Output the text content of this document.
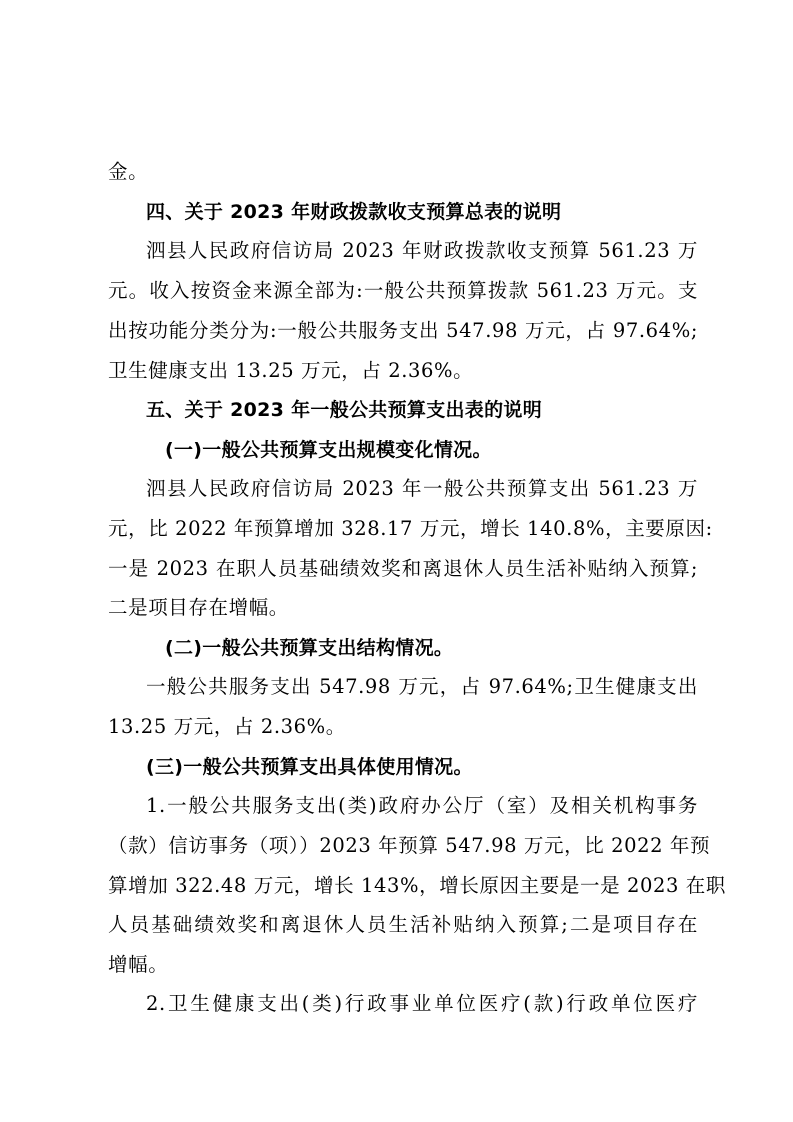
金。
四、关于 2023 年财政拨款收支预算总表的说明
泗县人民政府信访局 2023 年财政拨款收支预算 561.23 万
元。收入按资金来源全部为:一般公共预算拨款 561.23 万元。支
出按功能分类分为:一般公共服务支出 547.98 万元，占 97.64%;
卫生健康支出 13.25 万元，占 2.36%。
五、关于 2023 年一般公共预算支出表的说明
(一)一般公共预算支出规模变化情况。
泗县人民政府信访局 2023 年一般公共预算支出 561.23 万
元，比 2022 年预算增加 328.17 万元，增长 140.8%，主要原因:
一是 2023 在职人员基础绩效奖和离退休人员生活补贴纳入预算;
二是项目存在增幅。
(二)一般公共预算支出结构情况。
一般公共服务支出 547.98 万元，占 97.64%;卫生健康支出
13.25 万元，占 2.36%。
(三)一般公共预算支出具体使用情况。
1.一般公共服务支出(类)政府办公厅（室）及相关机构事务
（款）信访事务（项））2023 年预算 547.98 万元，比 2022 年预
算增加 322.48 万元，增长 143%，增长原因主要是一是 2023 在职
人员基础绩效奖和离退休人员生活补贴纳入预算;二是项目存在
增幅。
2.卫生健康支出(类)行政事业单位医疗(款)行政单位医疗
